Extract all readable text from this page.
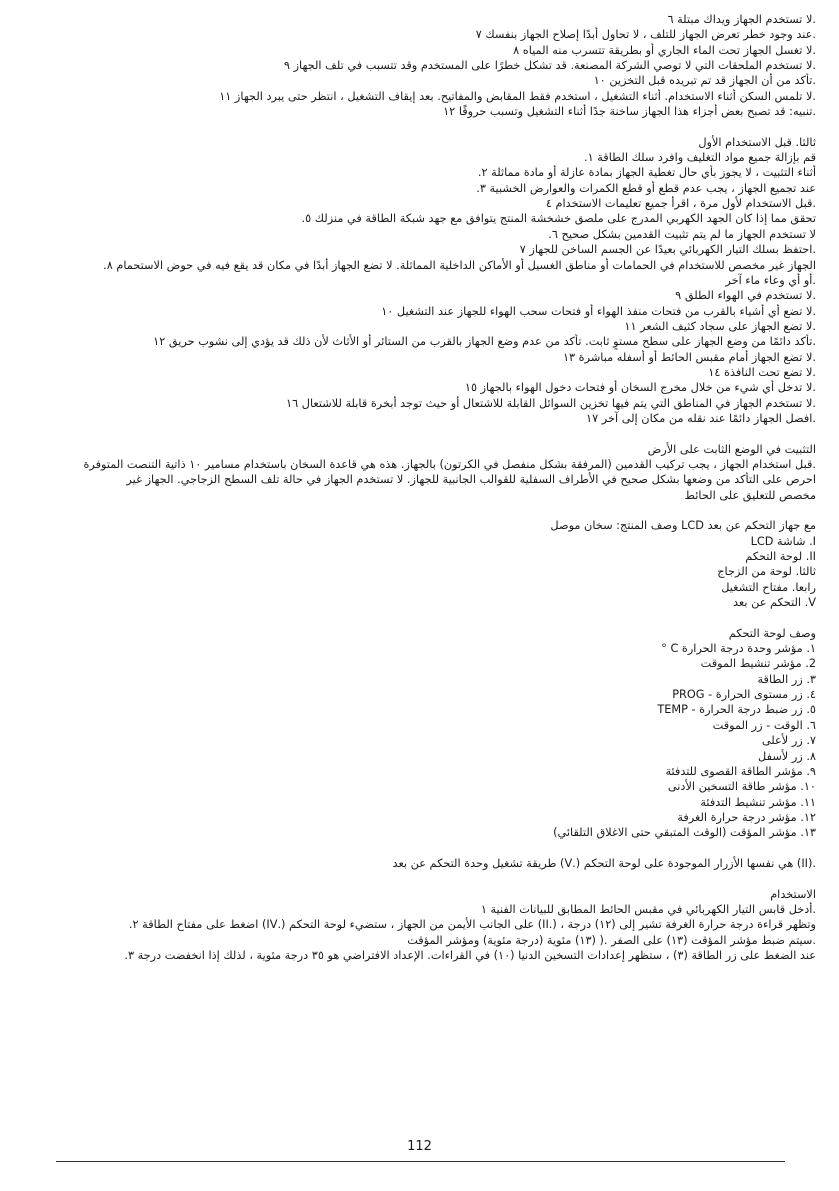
.لا تستخدم الجهاز ويداك مبتلة ٦

.عند وجود خطر تعرض الجهاز للتلف ، لا تحاول أبدًا إصلاح الجهاز بنفسك ٧

.لا تغسل الجهاز تحت الماء الجاري أو بطريقة تتسرب منه المياه ٨

.لا تستخدم الملحقات التي لا توصي الشركة المصنعة. قد تشكل خطرًا على المستخدم وقد تتسبب في تلف الجهاز ٩

.تأكد من أن الجهاز قد تم تبريده قبل التخزين ١٠

.لا تلمس السكن أثناء الاستخدام. أثناء التشغيل ، استخدم فقط المقابض والمفاتيح. بعد إيقاف التشغيل ، انتظر حتى يبرد الجهاز ١١

.تنبيه: قد تصبح بعض أجزاء هذا الجهاز ساخنة جدًا أثناء التشغيل وتسبب حروقًا ١٢

ثالثا. قبل الاستخدام الأول

قم بإزالة جميع مواد التغليف وافرد سلك الطاقة ١.

أثناء التثبيت ، لا يجوز بأي حال تغطية الجهاز بمادة عازلة أو مادة مماثلة ٢.

عند تجميع الجهاز ، يجب عدم قطع أو قطع الكمرات والعوارض الخشبية ٣.

.قبل الاستخدام لأول مرة ، اقرأ جميع تعليمات الاستخدام ٤

تحقق مما إذا كان الجهد الكهربي المدرج على ملصق خشخشة المنتج يتوافق مع جهد شبكة الطاقة في منزلك ٥.

لا تستخدم الجهاز ما لم يتم تثبيت القدمين بشكل صحيح ٦.

.احتفظ بسلك التيار الكهربائي بعيدًا عن الجسم الساخن للجهاز ٧

الجهاز غير مخصص للاستخدام في الحمامات أو مناطق الغسيل أو الأماكن الداخلية المماثلة. لا تضع الجهاز أبدًا في مكان قد يقع فيه في حوض الاستحمام ٨.

.أو أي وعاء ماء آخر

.لا تستخدم في الهواء الطلق ٩

.لا تضع أي أشياء بالقرب من فتحات منفذ الهواء أو فتحات سحب الهواء للجهاز عند التشغيل ١٠

.لا تضع الجهاز على سجاد كثيف الشعر ١١

.تأكد دائمًا من وضع الجهاز على سطح مستوٍ ثابت. تأكد من عدم وضع الجهاز بالقرب من الستائر أو الأثاث لأن ذلك قد يؤدي إلى نشوب حريق ١٢

.لا تضع الجهاز أمام مقبس الحائط أو أسفله مباشرة ١٣

.لا تضع تحت النافذة ١٤

.لا تدخل أي شيء من خلال مخرج السخان أو فتحات دخول الهواء بالجهاز ١٥

.لا تستخدم الجهاز في المناطق التي يتم فيها تخزين السوائل القابلة للاشتعال أو حيث توجد أبخرة قابلة للاشتعال ١٦

.افصل الجهاز دائمًا عند نقله من مكان إلى آخر ١٧

التثبيت في الوضع الثابت على الأرض

.قبل استخدام الجهاز ، يجب تركيب القدمين (المرفقة بشكل منفصل في الكرتون) بالجهاز. هذه هي قاعدة السخان باستخدام مسامير ١٠ ذاتية التنصت المتوفرة

احرص على التأكد من وضعها بشكل صحيح في الأطراف السفلية للقوالب الجانبية للجهاز. لا تستخدم الجهاز في حالة تلف السطح الزجاجي. الجهاز غير

مخصص للتعليق على الحائط

مع جهاز التحكم عن بعد LCD وصف المنتج: سخان موصل

I. شاشة LCD

II. لوحة التحكم

ثالثا. لوحة من الزجاج

رابعا. مفتاح التشغيل

V. التحكم عن بعد

وصف لوحة التحكم

١. مؤشر وحدة درجة الحرارة C °

2. مؤشر تنشيط الموقت

٣. زر الطاقة

٤. زر مستوى الحرارة - PROG

٥. زر ضبط درجة الحرارة - TEMP

٦. الوقت - زر الموقت

٧. زر لأعلى

٨. زر لأسفل

٩. مؤشر الطاقة القصوى للتدفئة

١٠. مؤشر طاقة التسخين الأدنى

١١. مؤشر تنشيط التدفئة

١٢. مؤشر درجة حرارة الغرفة

١٣. مؤشر المؤقت (الوقت المتبقي حتى الاغلاق التلقائي)

.(II) هي نفسها الأزرار الموجودة على لوحة التحكم (.V) طريقة تشغيل وحدة التحكم عن بعد

الاستخدام

.أدخل قابس التيار الكهربائي في مقبس الحائط المطابق للبيانات الفنية ١

وتظهر قراءة درجة حرارة الغرفة تشير إلى (١٢) درجة ، (.II) على الجانب الأيمن من الجهاز ، ستضيء لوحة التحكم (.IV) اضغط على مفتاح الطاقة ٢.

.سيتم ضبط مؤشر المؤقت (١٣) على الصفر .( (١٣) مئوية (درجة مئوية) ومؤشر المؤقت

عند الضغط على زر الطاقة (٣) ، ستظهر إعدادات التسخين الدنيا (١٠) في القراءات. الإعداد الافتراضي هو ٣٥ درجة مئوية ، لذلك إذا انخفضت درجة ٣.

112
